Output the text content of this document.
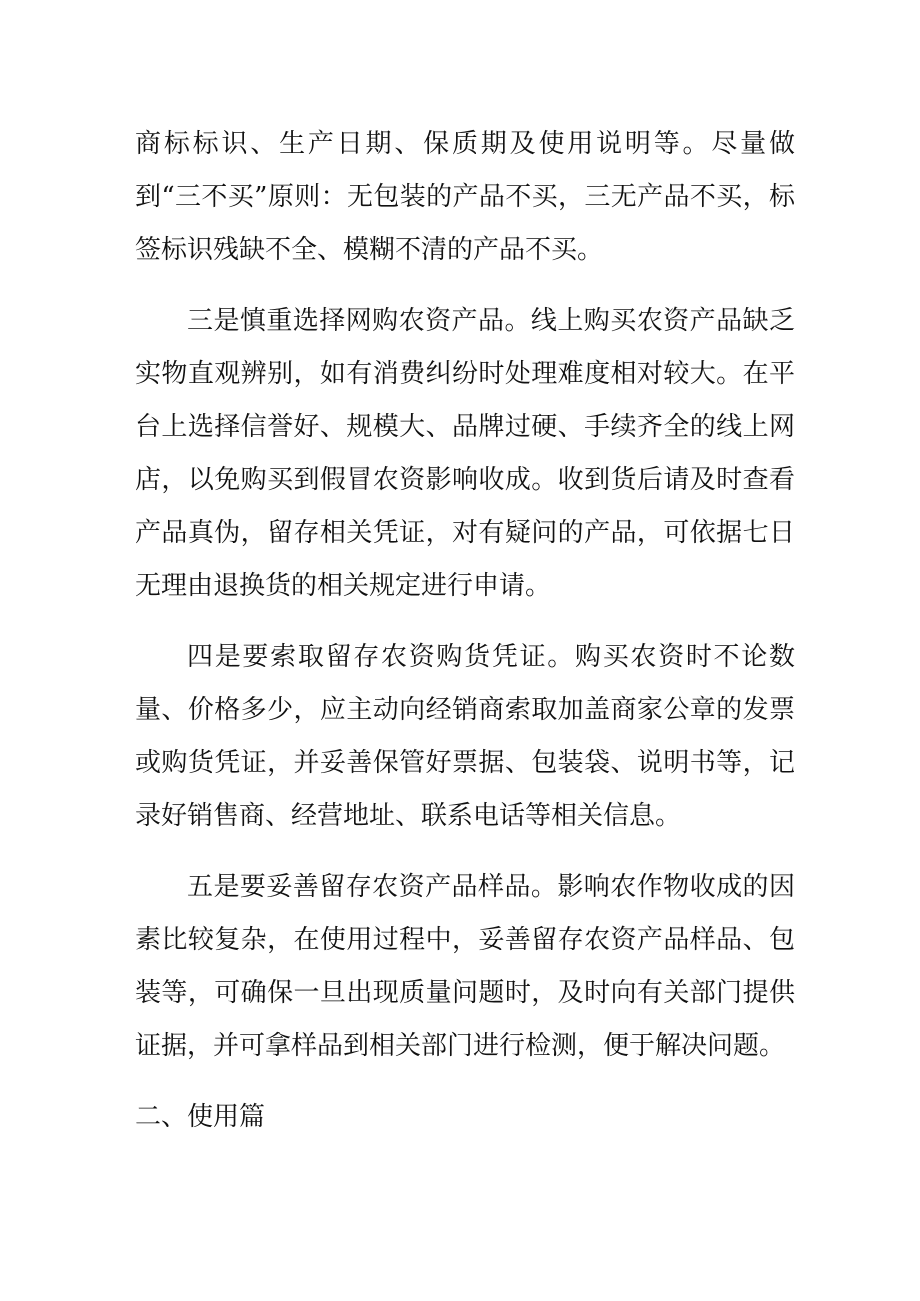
商标标识、生产日期、保质期及使用说明等。尽量做到“三不买”原则：无包装的产品不买，三无产品不买，标签标识残缺不全、模糊不清的产品不买。

三是慎重选择网购农资产品。线上购买农资产品缺乏实物直观辨别，如有消费纠纷时处理难度相对较大。在平台上选择信誉好、规模大、品牌过硬、手续齐全的线上网店，以免购买到假冒农资影响收成。收到货后请及时查看产品真伪，留存相关凭证，对有疑问的产品，可依据七日无理由退换货的相关规定进行申请。

四是要索取留存农资购货凭证。购买农资时不论数量、价格多少，应主动向经销商索取加盖商家公章的发票或购货凭证，并妥善保管好票据、包装袋、说明书等，记录好销售商、经营地址、联系电话等相关信息。

五是要妥善留存农资产品样品。影响农作物收成的因素比较复杂，在使用过程中，妥善留存农资产品样品、包装等，可确保一旦出现质量问题时，及时向有关部门提供证据，并可拿样品到相关部门进行检测，便于解决问题。

二、使用篇
